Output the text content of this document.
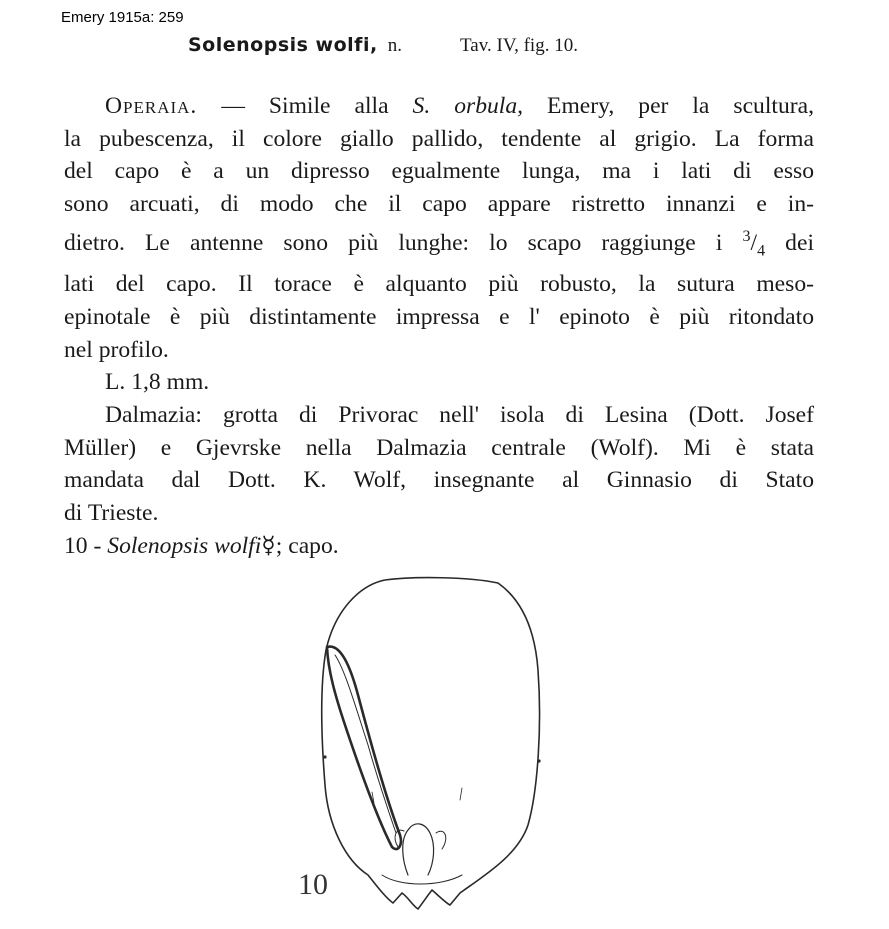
Emery 1915a: 259
Solenopsis wolfi, n.	Tav. IV, fig. 10.
Operaia. — Simile alla S. orbula, Emery, per la scultura,
la pubescenza, il colore giallo pallido, tendente al grigio. La forma
del capo è a un dipresso egualmente lunga, ma i lati di esso
sono arcuati, di modo che il capo appare ristretto innanzi e in-
dietro. Le antenne sono più lunghe: lo scapo raggiunge i $^3/_4$ dei
lati del capo. Il torace è alquanto più robusto, la sutura meso-
epinotale è più distintamente impressa e l' epinoto è più ritondato
nel profilo.
L. 1,8 mm.
Dalmazia: grotta di Privorac nell' isola di Lesina (Dott. Josef
Müller) e Gjevrske nella Dalmazia centrale (Wolf). Mi è stata
mandata dal Dott. K. Wolf, insegnante al Ginnasio di Stato
di Trieste.
10 - Solenopsis wolfi☿; capo.
10
